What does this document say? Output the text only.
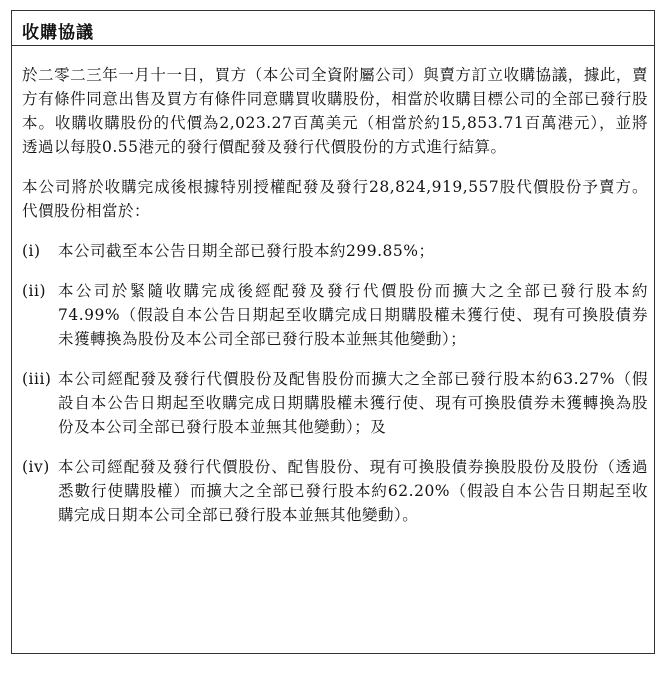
收購協議

於二零二三年一月十一日，買方（本公司全資附屬公司）與賣方訂立收購協議，據此，賣方有條件同意出售及買方有條件同意購買收購股份，相當於收購目標公司的全部已發行股本。收購收購股份的代價為2,023.27百萬美元（相當於約15,853.71百萬港元），並將透過以每股0.55港元的發行價配發及發行代價股份的方式進行結算。

本公司將於收購完成後根據特別授權配發及發行28,824,919,557股代價股份予賣方。代價股份相當於：

(i)	本公司截至本公告日期全部已發行股本約299.85%；
(ii) 本公司於緊隨收購完成後經配發及發行代價股份而擴大之全部已發行股本約74.99%（假設自本公告日期起至收購完成日期購股權未獲行使、現有可換股債券未獲轉換為股份及本公司全部已發行股本並無其他變動）；
(iii) 本公司經配發及發行代價股份及配售股份而擴大之全部已發行股本約63.27%（假設自本公告日期起至收購完成日期購股權未獲行使、現有可換股債券未獲轉換為股份及本公司全部已發行股本並無其他變動）；及
(iv) 本公司經配發及發行代價股份、配售股份、現有可換股債券換股股份及股份（透過悉數行使購股權）而擴大之全部已發行股本約62.20%（假設自本公告日期起至收購完成日期本公司全部已發行股本並無其他變動）。
